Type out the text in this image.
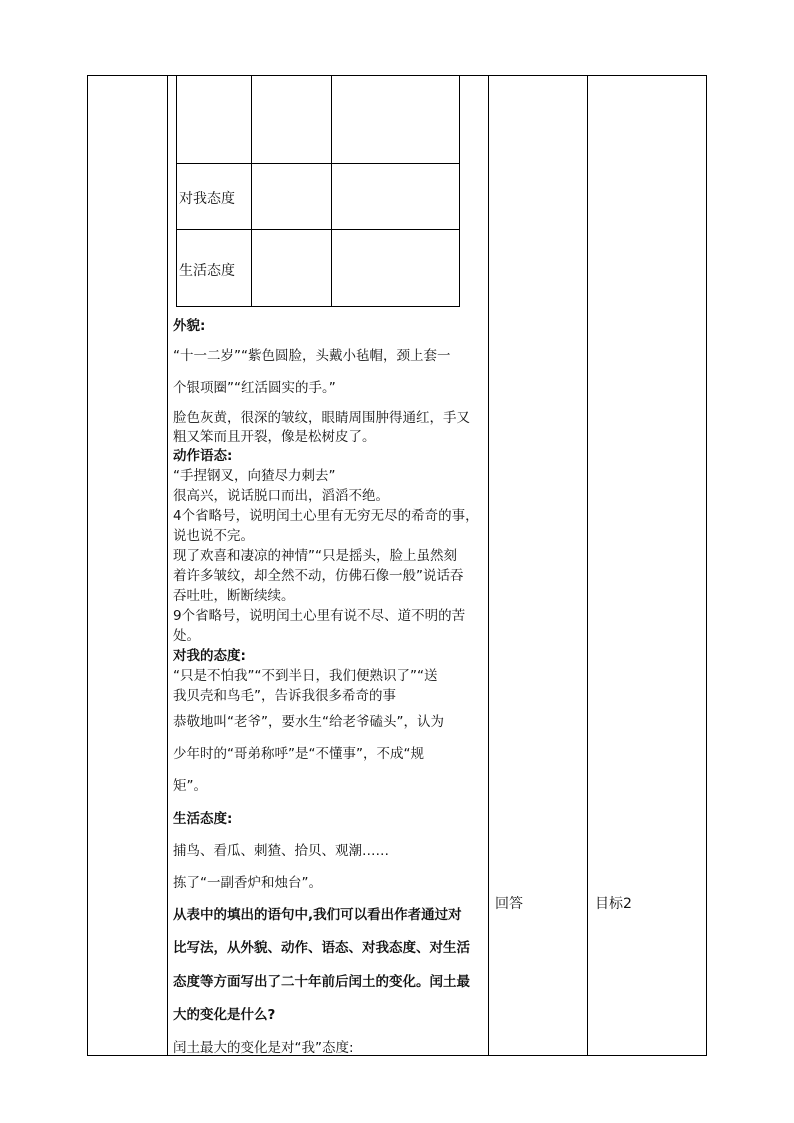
对我态度
生活态度
外貌:
“十一二岁”“紫色圆脸，头戴小毡帽，颈上套一
个银项圈”“红活圆实的手。”
脸色灰黄，很深的皱纹，眼睛周围肿得通红，手又
粗又笨而且开裂，像是松树皮了。
动作语态:
“手捏钢叉，向猹尽力刺去”
很高兴，说话脱口而出，滔滔不绝。
4个省略号，说明闰土心里有无穷无尽的希奇的事，
说也说不完。
现了欢喜和凄凉的神情”“只是摇头，脸上虽然刻
着许多皱纹，却全然不动，仿佛石像一般”说话吞
吞吐吐，断断续续。
9个省略号，说明闰土心里有说不尽、道不明的苦
处。
对我的态度:
“只是不怕我”“不到半日，我们便熟识了”“送
我贝壳和鸟毛”，告诉我很多希奇的事
恭敬地叫“老爷”，要水生“给老爷磕头”，认为
少年时的“哥弟称呼”是“不懂事”，不成“规
矩”。
生活态度:
捕鸟、看瓜、刺猹、拾贝、观潮……
拣了“一副香炉和烛台”。
从表中的填出的语句中,我们可以看出作者通过对
比写法，从外貌、动作、语态、对我态度、对生活
态度等方面写出了二十年前后闰土的变化。闰土最
大的变化是什么?
闰土最大的变化是对“我”态度:
回答	目标2
